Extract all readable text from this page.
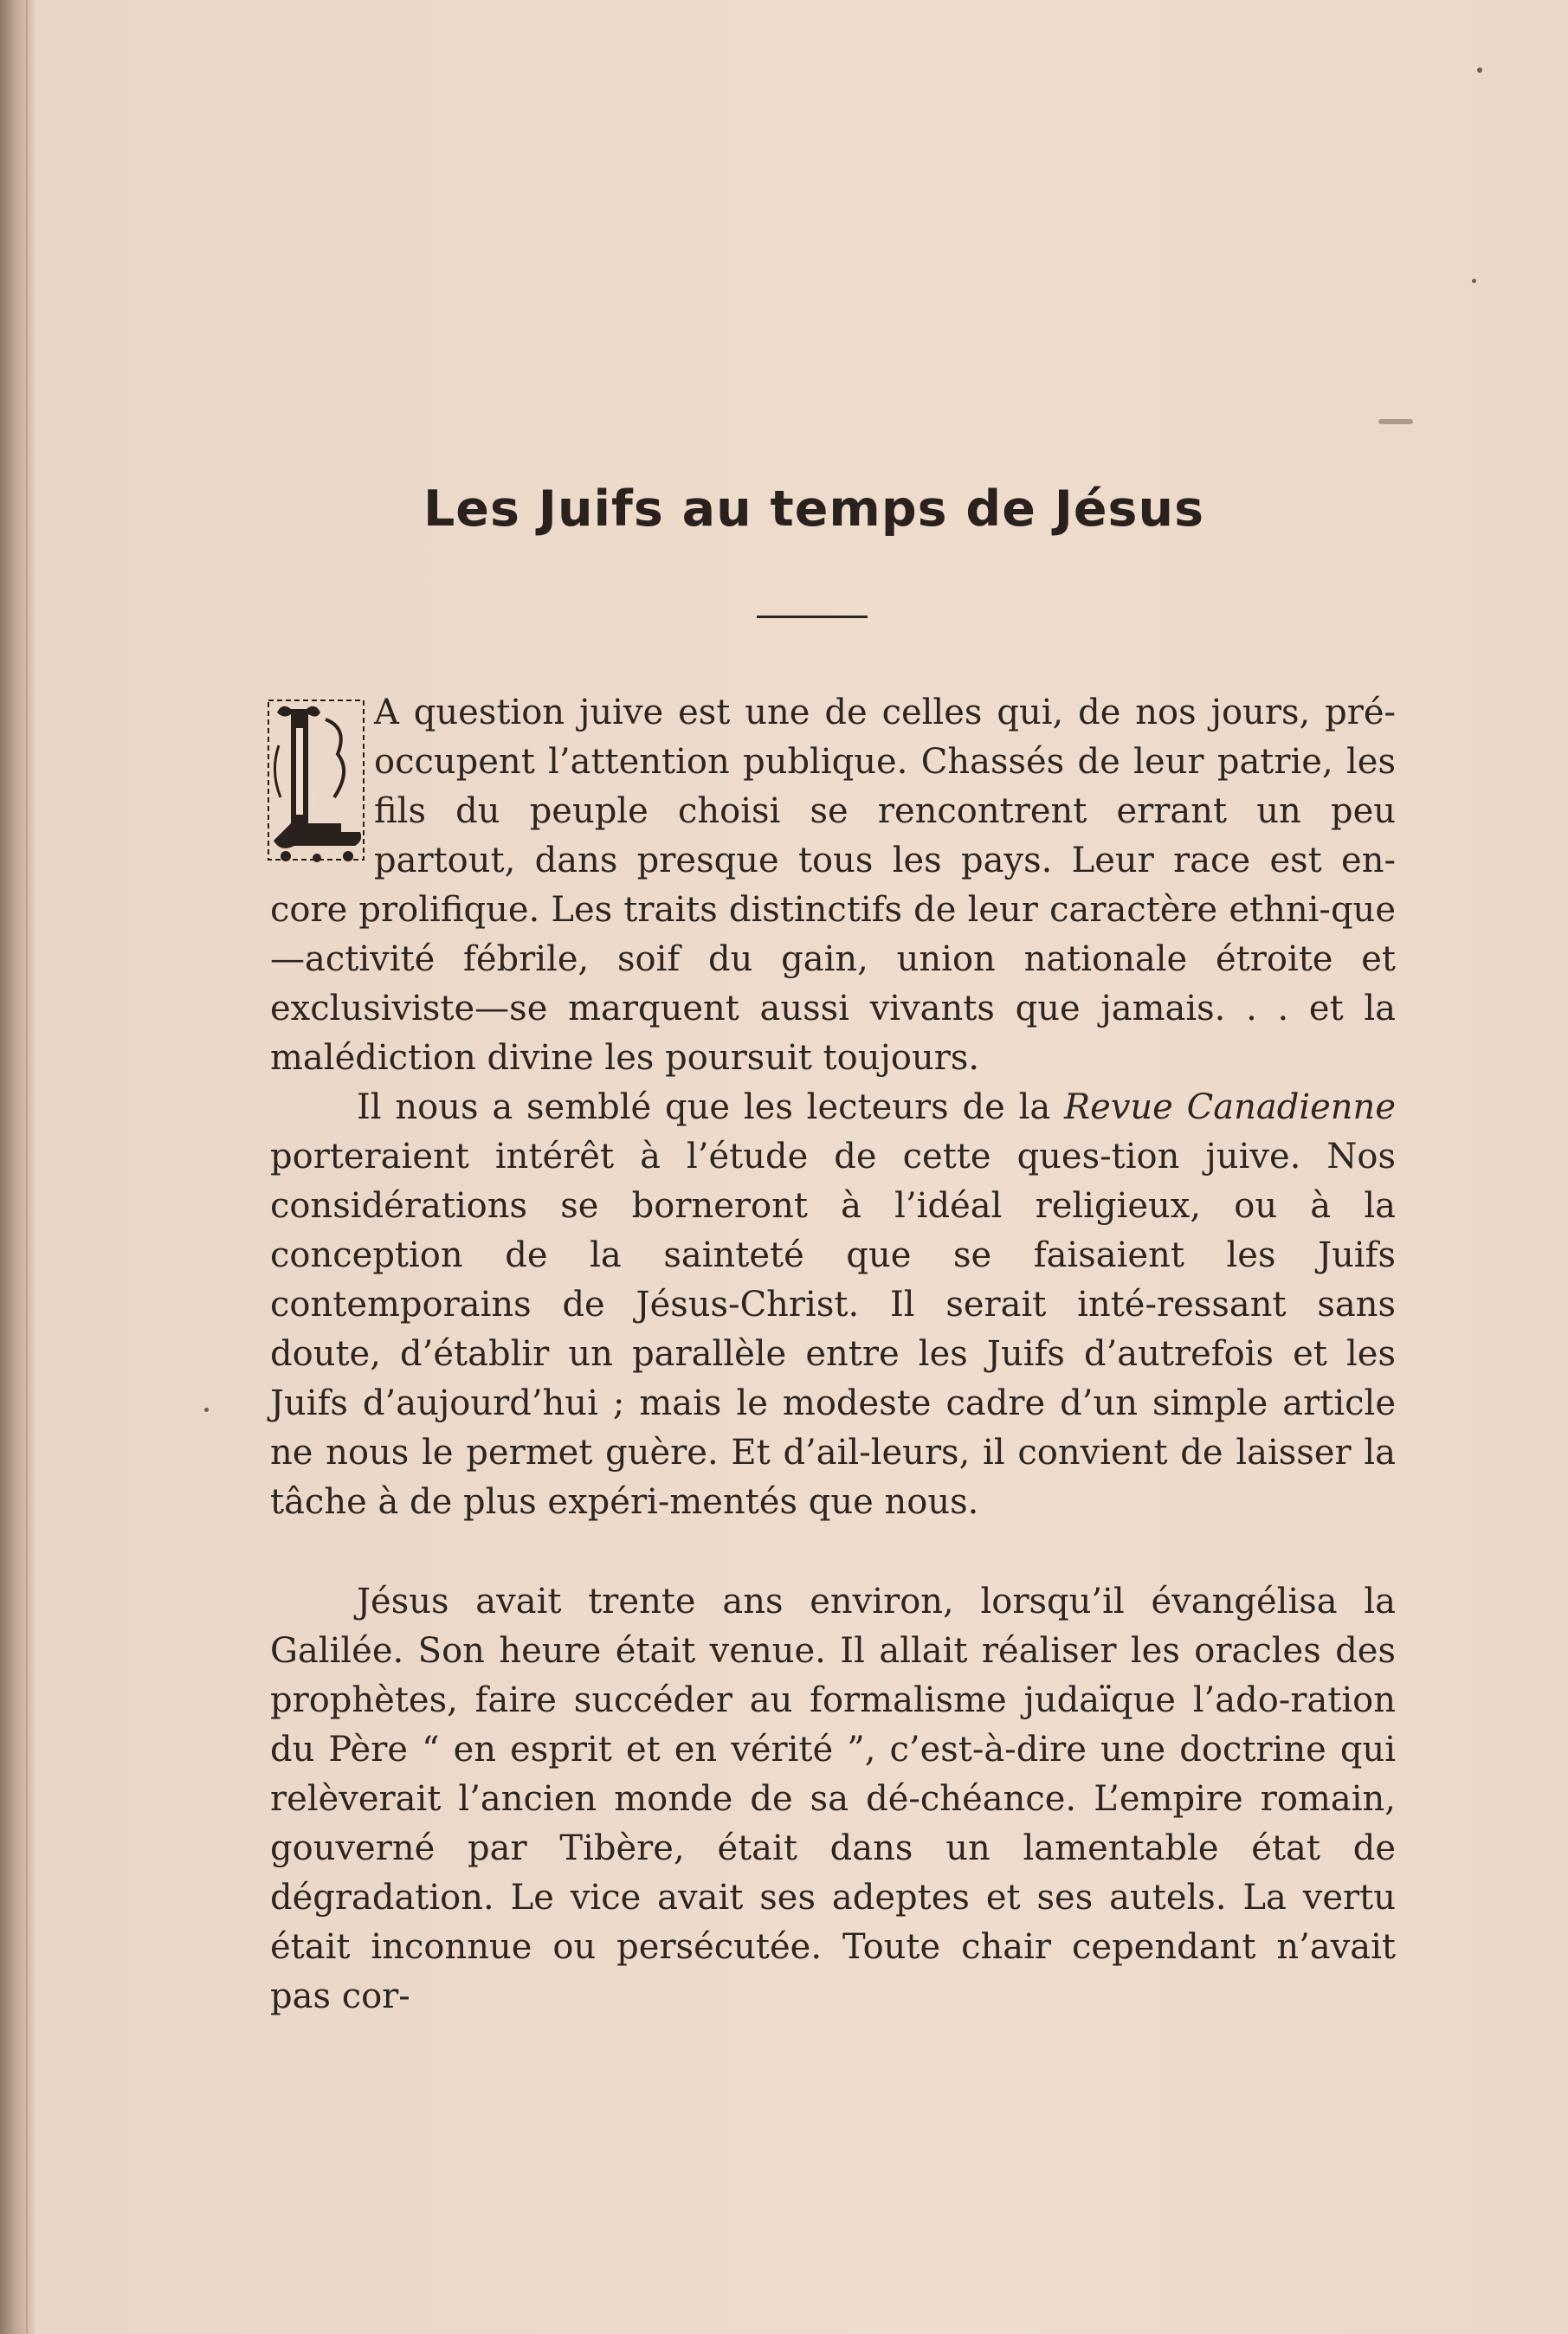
Les Juifs au temps de Jésus

L
A question juive est une de celles qui, de nos jours, pré-occupent l’attention publique. Chassés de leur patrie, les fils du peuple choisi se rencontrent errant un peu partout, dans presque tous les pays. Leur race est en-core prolifique. Les traits distinctifs de leur caractère ethni-que—activité fébrile, soif du gain, union nationale étroite et exclusiviste—se marquent aussi vivants que jamais. . . et la malédiction divine les poursuit toujours.

Il nous a semblé que les lecteurs de la Revue Canadienne porteraient intérêt à l’étude de cette ques-tion juive. Nos considérations se borneront à l’idéal religieux, ou à la conception de la sainteté que se faisaient les Juifs contemporains de Jésus-Christ. Il serait inté-ressant sans doute, d’établir un parallèle entre les Juifs d’autrefois et les Juifs d’aujourd’hui ; mais le modeste cadre d’un simple article ne nous le permet guère. Et d’ail-leurs, il convient de laisser la tâche à de plus expéri-mentés que nous.

Jésus avait trente ans environ, lorsqu’il évangélisa la Galilée. Son heure était venue. Il allait réaliser les oracles des prophètes, faire succéder au formalisme judaïque l’ado-ration du Père “ en esprit et en vérité ”, c’est-à-dire une doctrine qui relèverait l’ancien monde de sa dé-chéance. L’empire romain, gouverné par Tibère, était dans un lamentable état de dégradation. Le vice avait ses adeptes et ses autels. La vertu était inconnue ou persécutée. Toute chair cependant n’avait pas cor-
